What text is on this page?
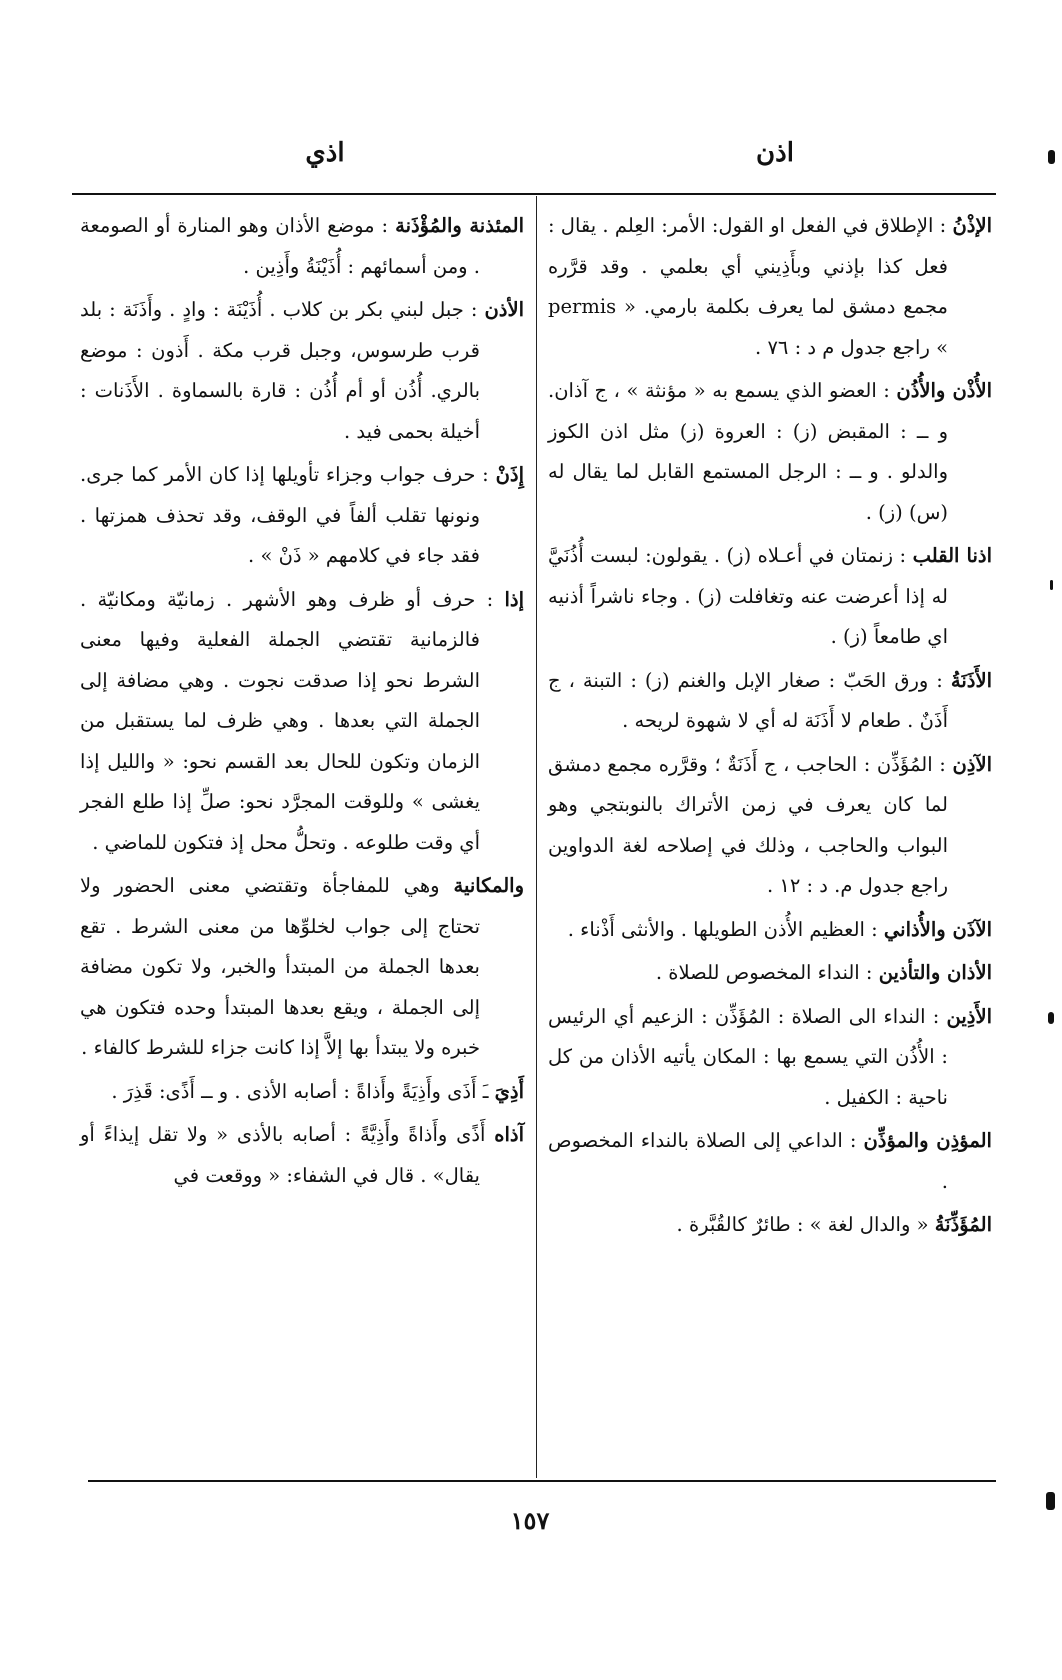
اذن
اذي

الإذْنُ : الإطلاق في الفعل او القول: الأمر: العِلم . يقال : فعل كذا بإذني وبأَذِيني أي بعلمي . وقد قرَّره مجمع دمشق لما يعرف بكلمة بارمي. « permis » راجع جدول م د : ٧٦ .

الأُذْن والأُذُن : العضو الذي يسمع به « مؤنثة » ، ج آذان. و ــ : المقبض (ز) : العروة (ز) مثل اذن الكوز والدلو . و ــ : الرجل المستمع القابل لما يقال له (س) (ز) .

اذنا القلب : زنمتان في أعـلاه (ز) . يقولون: لبست أُذُنَيَّ له إذا أعرضت عنه وتغافلت (ز) . وجاء ناشراً أذنيه اي طامعاً (ز) .

الأَذَنَةُ : ورق الحَبّ : صغار الإبل والغنم (ز) : التبنة ، ج أَذَنٌ . طعام لا أَذَنَة له أي لا شهوة لريحه .

الآذِن : المُؤَذِّن : الحاجب ، ج أَذَنَةٌ ؛ وقرَّره مجمع دمشق لما كان يعرف في زمن الأتراك بالنوبتجي وهو البواب والحاجب ، وذلك في إصلاحه لغة الدواوين راجع جدول م. د : ١٢ .

الآذَن والأُذاني : العظيم الأُذن الطويلها . والأنثى أَذْناء .

الأذان والتأذين : النداء المخصوص للصلاة .

الأَذِين : النداء الى الصلاة : المُؤَذِّن : الزعيم أي الرئيس : الأُذُن التي يسمع بها : المكان يأتيه الأذان من كل ناحية : الكفيل .

المؤذِن والمؤذِّن : الداعي إلى الصلاة بالنداء المخصوص .

المُؤَذِّنَةُ « والدال لغة » : طائرٌ كالقُبَّرة .

المئذنة والمُؤْذَنة : موضع الأذان وهو المنارة أو الصومعة . ومن أسمائهم : أُذَيْنَةُ وأَذِين .

الأذن : جبل لبني بكر بن كلاب . أُذَيْنَة : وادٍ . وأَذَنَة : بلد قرب طرسوس، وجبل قرب مكة . أَذون : موضع بالري. أُذُن أو أم أُذُن : قارة بالسماوة . الأَذَنات : أخيلة بحمى فيد .

إِذَنْ : حرف جواب وجزاء تأويلها إذا كان الأمر كما جرى. ونونها تقلب ألفاً في الوقف، وقد تحذف همزتها . فقد جاء في كلامهم « ذَنْ » .

إذا : حرف أو ظرف وهو الأشهر . زمانيّة ومكانيّة . فالزمانية تقتضي الجملة الفعلية وفيها معنى الشرط نحو إذا صدقت نجوت . وهي مضافة إلى الجملة التي بعدها . وهي ظرف لما يستقبل من الزمان وتكون للحال بعد القسم نحو: « والليل إذا يغشى » وللوقت المجرَّد نحو: صلِّ إذا طلع الفجر أي وقت طلوعه . وتحلُّ محل إذ فتكون للماضي .

والمكانية وهي للمفاجأة وتقتضي معنى الحضور ولا تحتاج إلى جواب لخلوِّها من معنى الشرط . تقع بعدها الجملة من المبتدأ والخبر، ولا تكون مضافة إلى الجملة ، ويقع بعدها المبتدأ وحده فتكون هي خبره ولا يبتدأ بها إلاَّ إذا كانت جزاء للشرط كالفاء .

أَذِيَ ـَ أَذَى وأَذِيَةً وأَذاةً : أصابه الأذى . و ــ أَذًى: قَذِرَ .

آذاه أَذًى وأَذاةً وأَذِيَّةً : أصابه بالأذى « ولا تقل إيذاءً أو يقال» . قال في الشفاء: « ووقعت في

١٥٧
